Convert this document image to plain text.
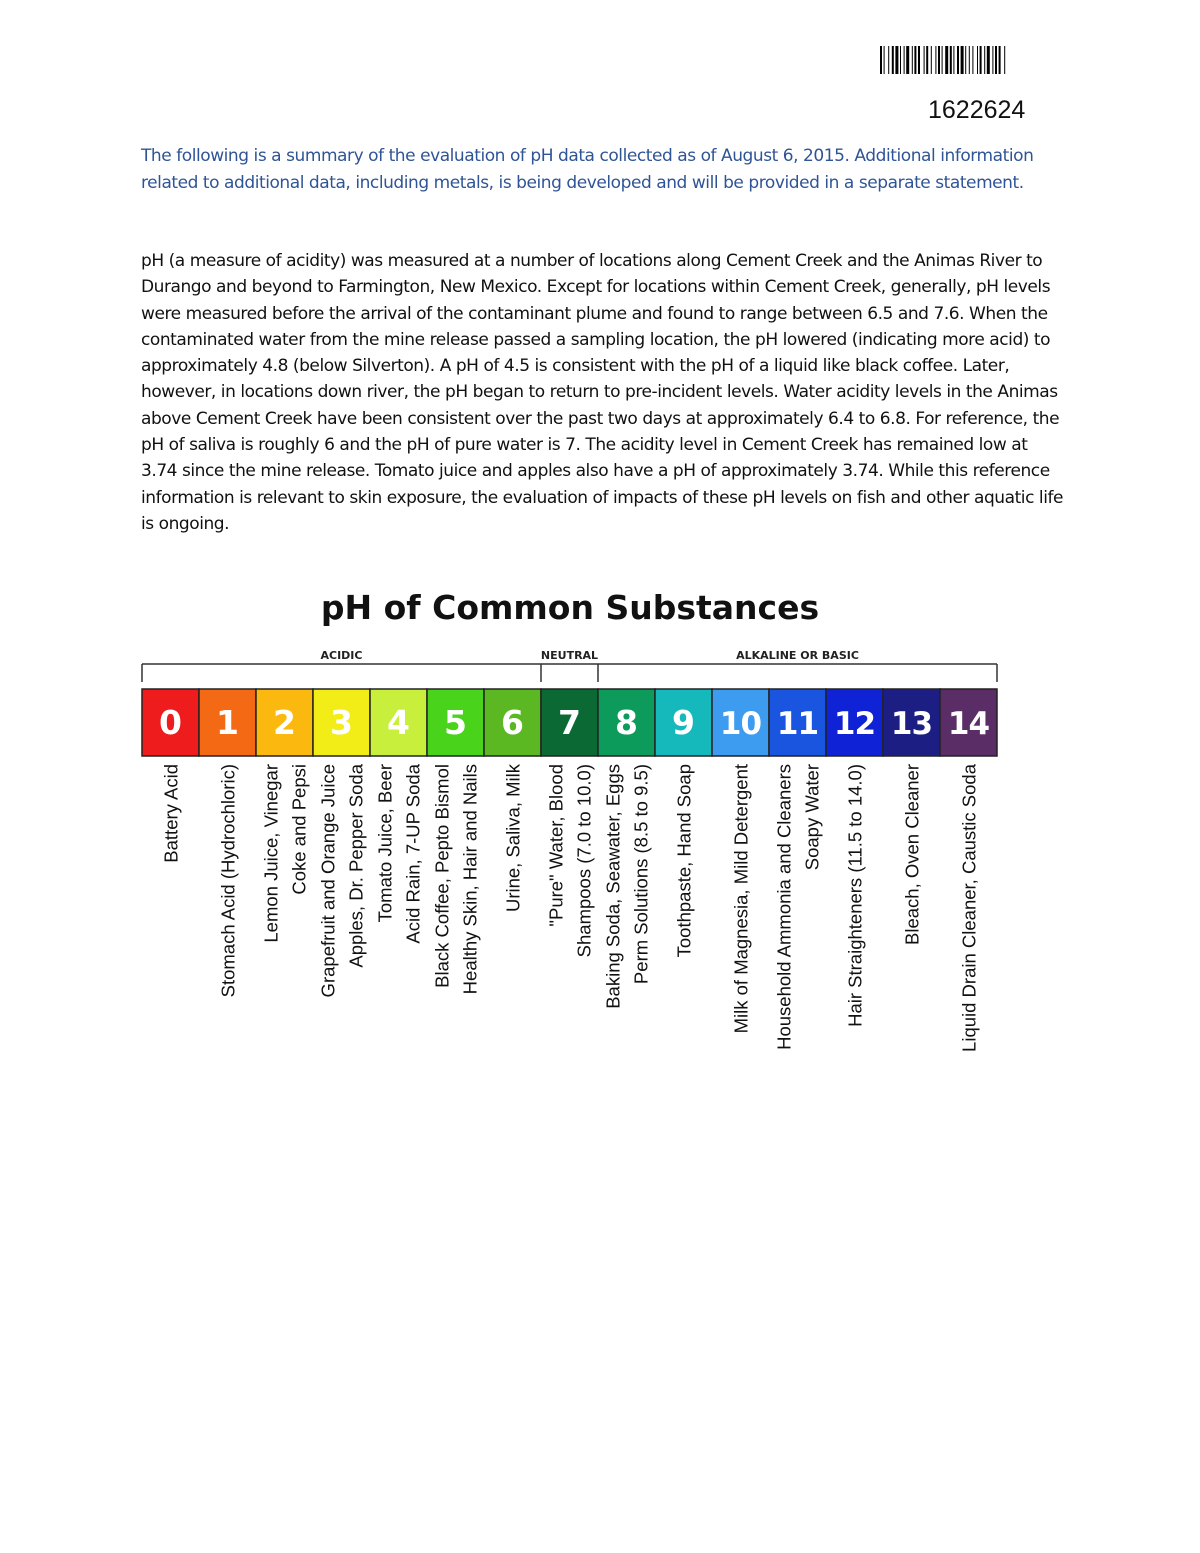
1622624

The following is a summary of the evaluation of pH data collected as of August 6, 2015. Additional information related to additional data, including metals, is being developed and will be provided in a separate statement.

pH (a measure of acidity) was measured at a number of locations along Cement Creek and the Animas River to Durango and beyond to Farmington, New Mexico. Except for locations within Cement Creek, generally, pH levels were measured before the arrival of the contaminant plume and found to range between 6.5 and 7.6. When the contaminated water from the mine release passed a sampling location, the pH lowered (indicating more acid) to approximately 4.8 (below Silverton). A pH of 4.5 is consistent with the pH of a liquid like black coffee. Later, however, in locations down river, the pH began to return to pre-incident levels. Water acidity levels in the Animas above Cement Creek have been consistent over the past two days at approximately 6.4 to 6.8. For reference, the pH of saliva is roughly 6 and the pH of pure water is 7. The acidity level in Cement Creek has remained low at 3.74 since the mine release. Tomato juice and apples also have a pH of approximately 3.74. While this reference information is relevant to skin exposure, the evaluation of impacts of these pH levels on fish and other aquatic life is ongoing.

pH of Common Substances
ACIDIC	NEUTRAL	ALKALINE OR BASIC
0 1 2 3 4 5 6 7 8 9 10 11 12 13 14
Battery Acid Stomach Acid (Hydrochloric) Lemon Juice, Vinegar Coke and Pepsi Grapefruit and Orange Juice Apples, Dr. Pepper Soda Tomato Juice, Beer Acid Rain, 7-UP Soda Black Coffee, Pepto Bismol Healthy Skin, Hair and Nails Urine, Saliva, Milk "Pure" Water, Blood Shampoos (7.0 to 10.0) Baking Soda, Seawater, Eggs Perm Solutions (8.5 to 9.5) Toothpaste, Hand Soap Milk of Magnesia, Mild Detergent Household Ammonia and Cleaners Soapy Water Hair Straighteners (11.5 to 14.0) Bleach, Oven Cleaner Liquid Drain Cleaner, Caustic Soda
